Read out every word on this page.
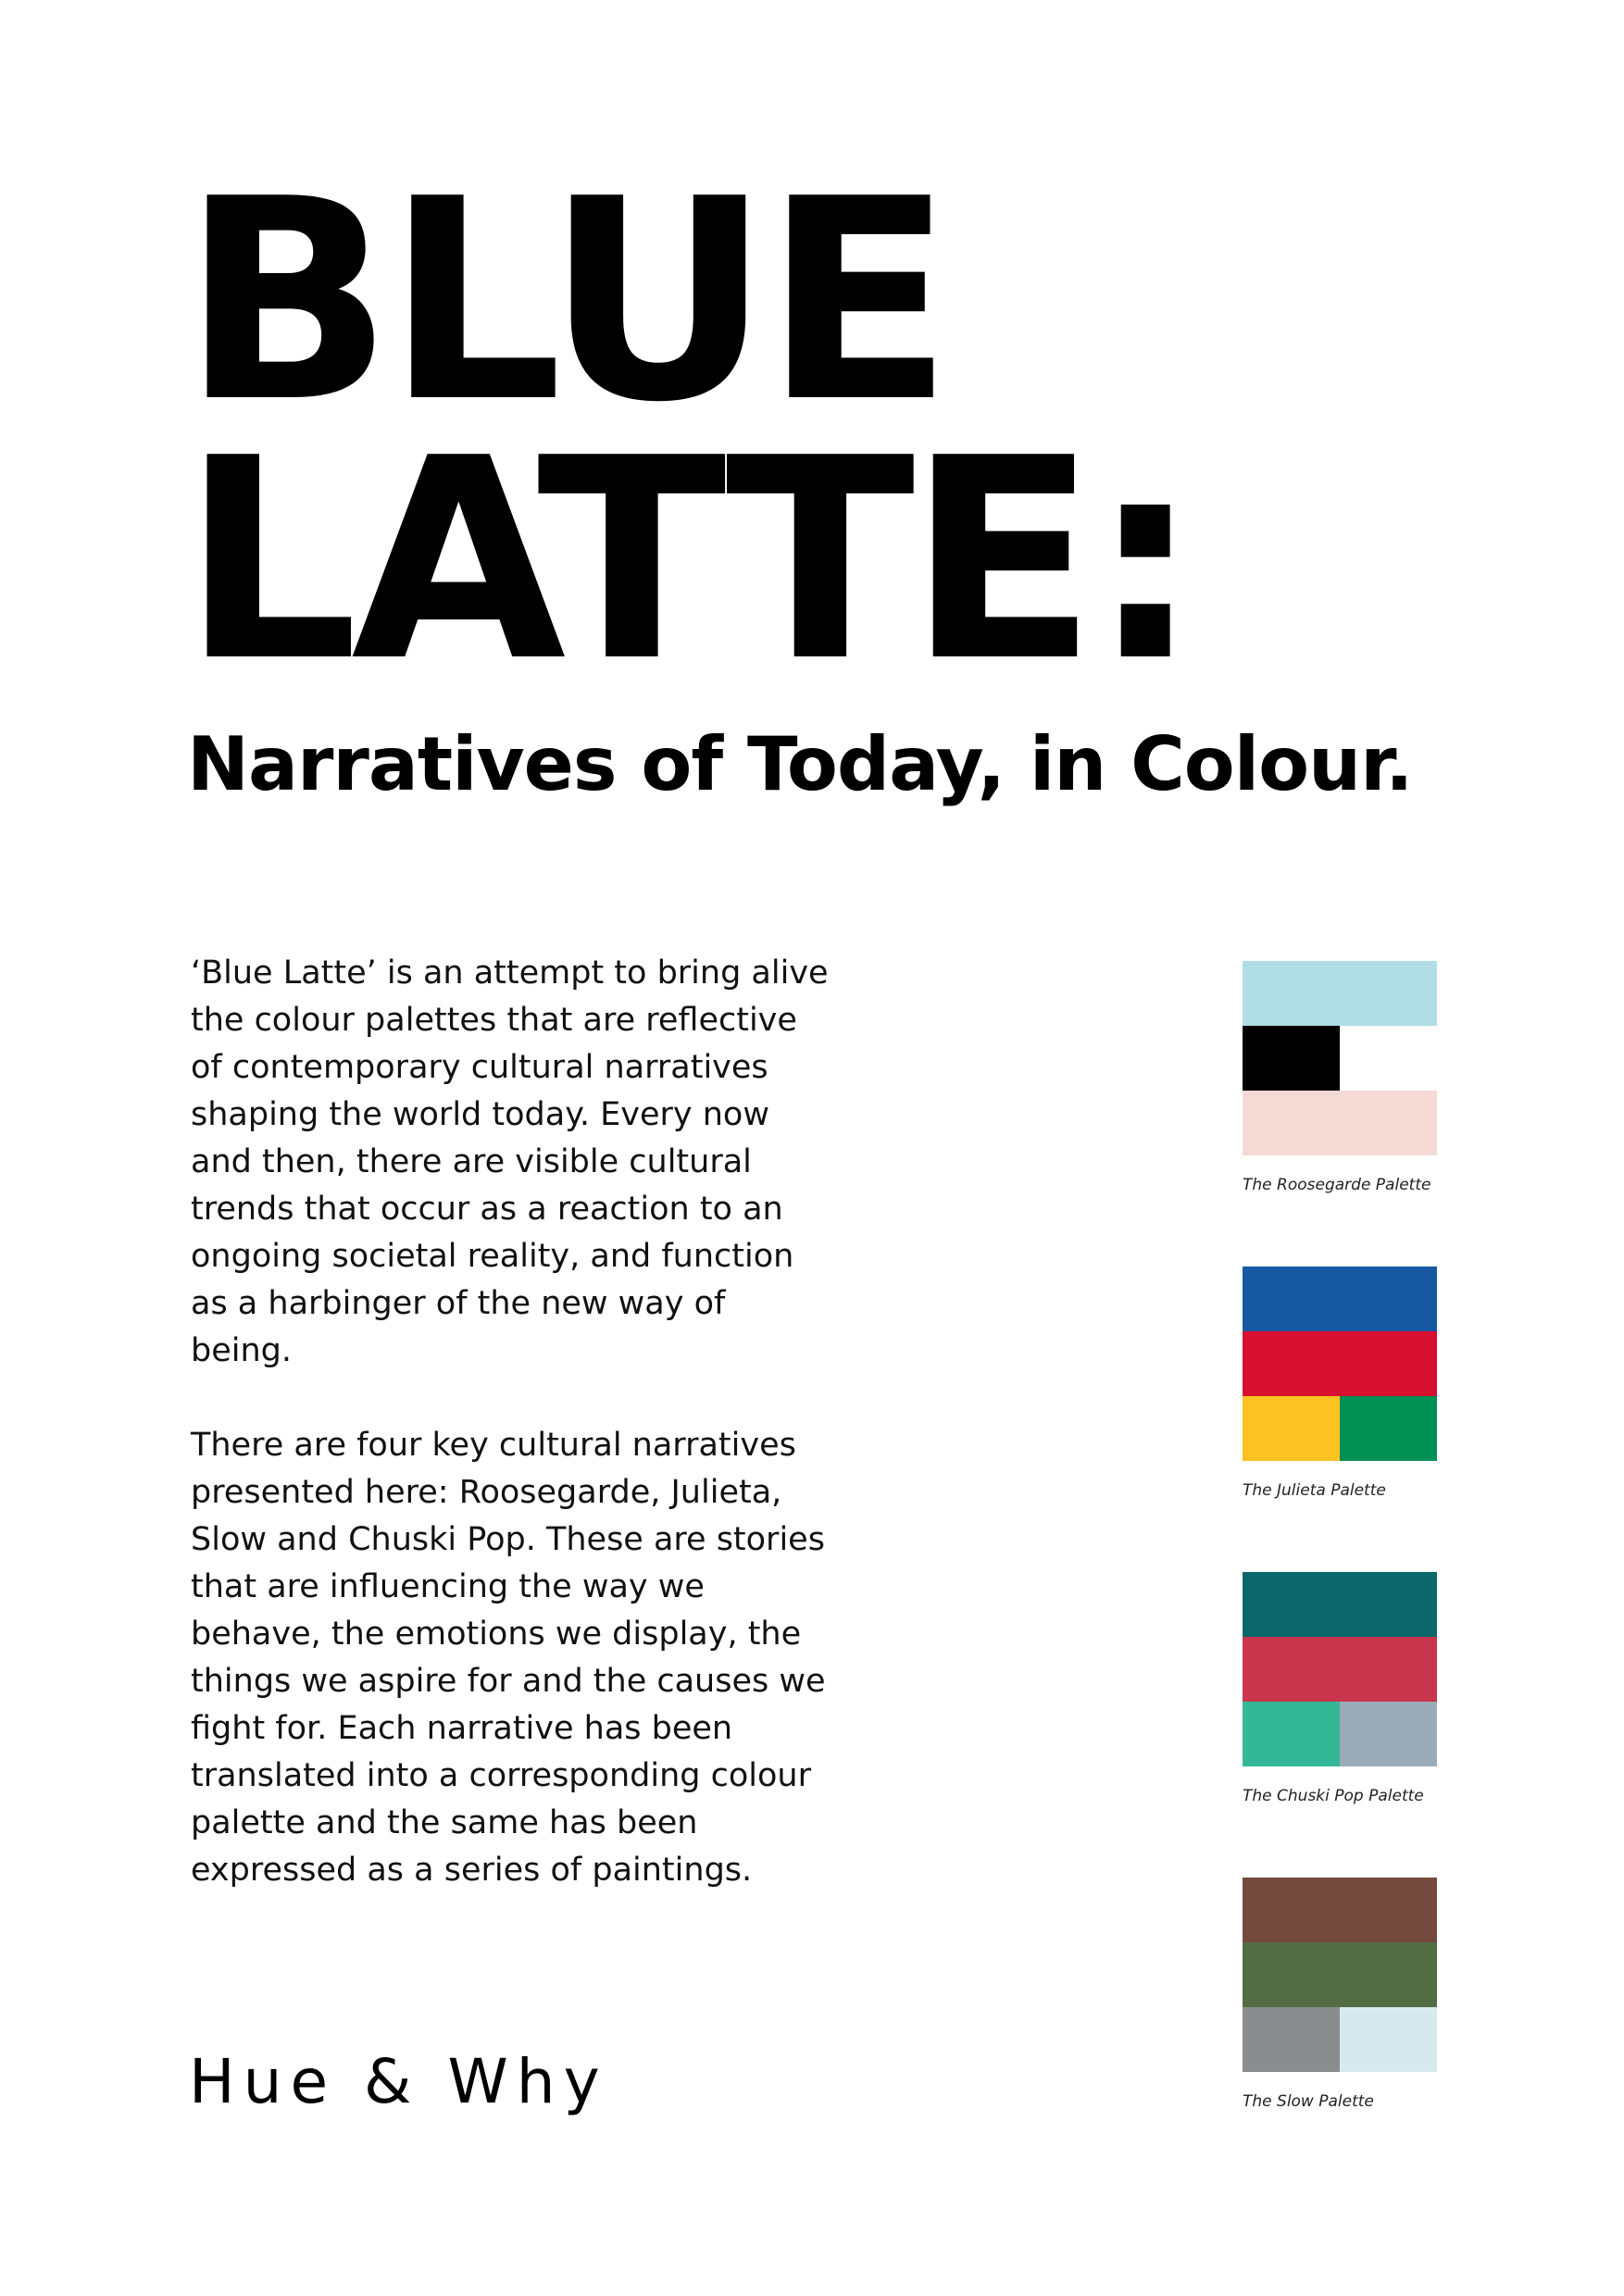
BLUE
LATTE:
Narratives of Today, in Colour.

‘Blue Latte’ is an attempt to bring alive the colour palettes that are reflective of contemporary cultural narratives shaping the world today. Every now and then, there are visible cultural trends that occur as a reaction to an ongoing societal reality, and function as a harbinger of the new way of being.

There are four key cultural narratives presented here: Roosegarde, Julieta, Slow and Chuski Pop. These are stories that are influencing the way we behave, the emotions we display, the things we aspire for and the causes we fight for. Each narrative has been translated into a corresponding colour palette and the same has been expressed as a series of paintings.

Hue & Why
The Roosegarde Palette
The Julieta Palette
The Chuski Pop Palette
The Slow Palette
